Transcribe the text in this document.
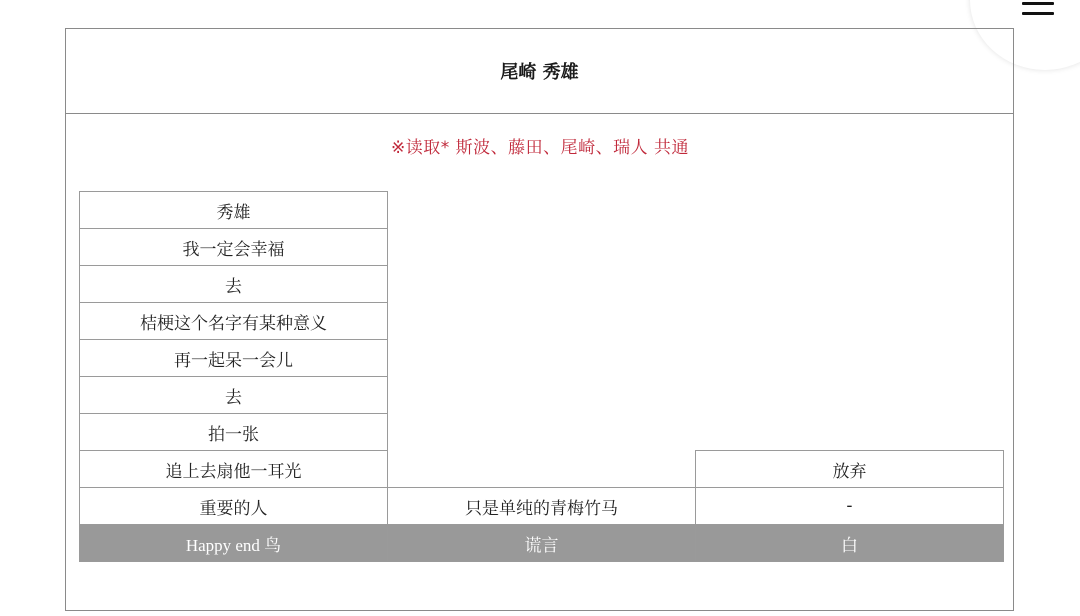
尾崎 秀雄
※读取* 斯波、藤田、尾崎、瑞人 共通
秀雄		
我一定会幸福		
去		
桔梗这个名字有某种意义		
再一起呆一会儿		
去		
拍一张		
追上去扇他一耳光		放弃
重要的人	只是单纯的青梅竹马	-
Happy end 鸟	谎言	白
